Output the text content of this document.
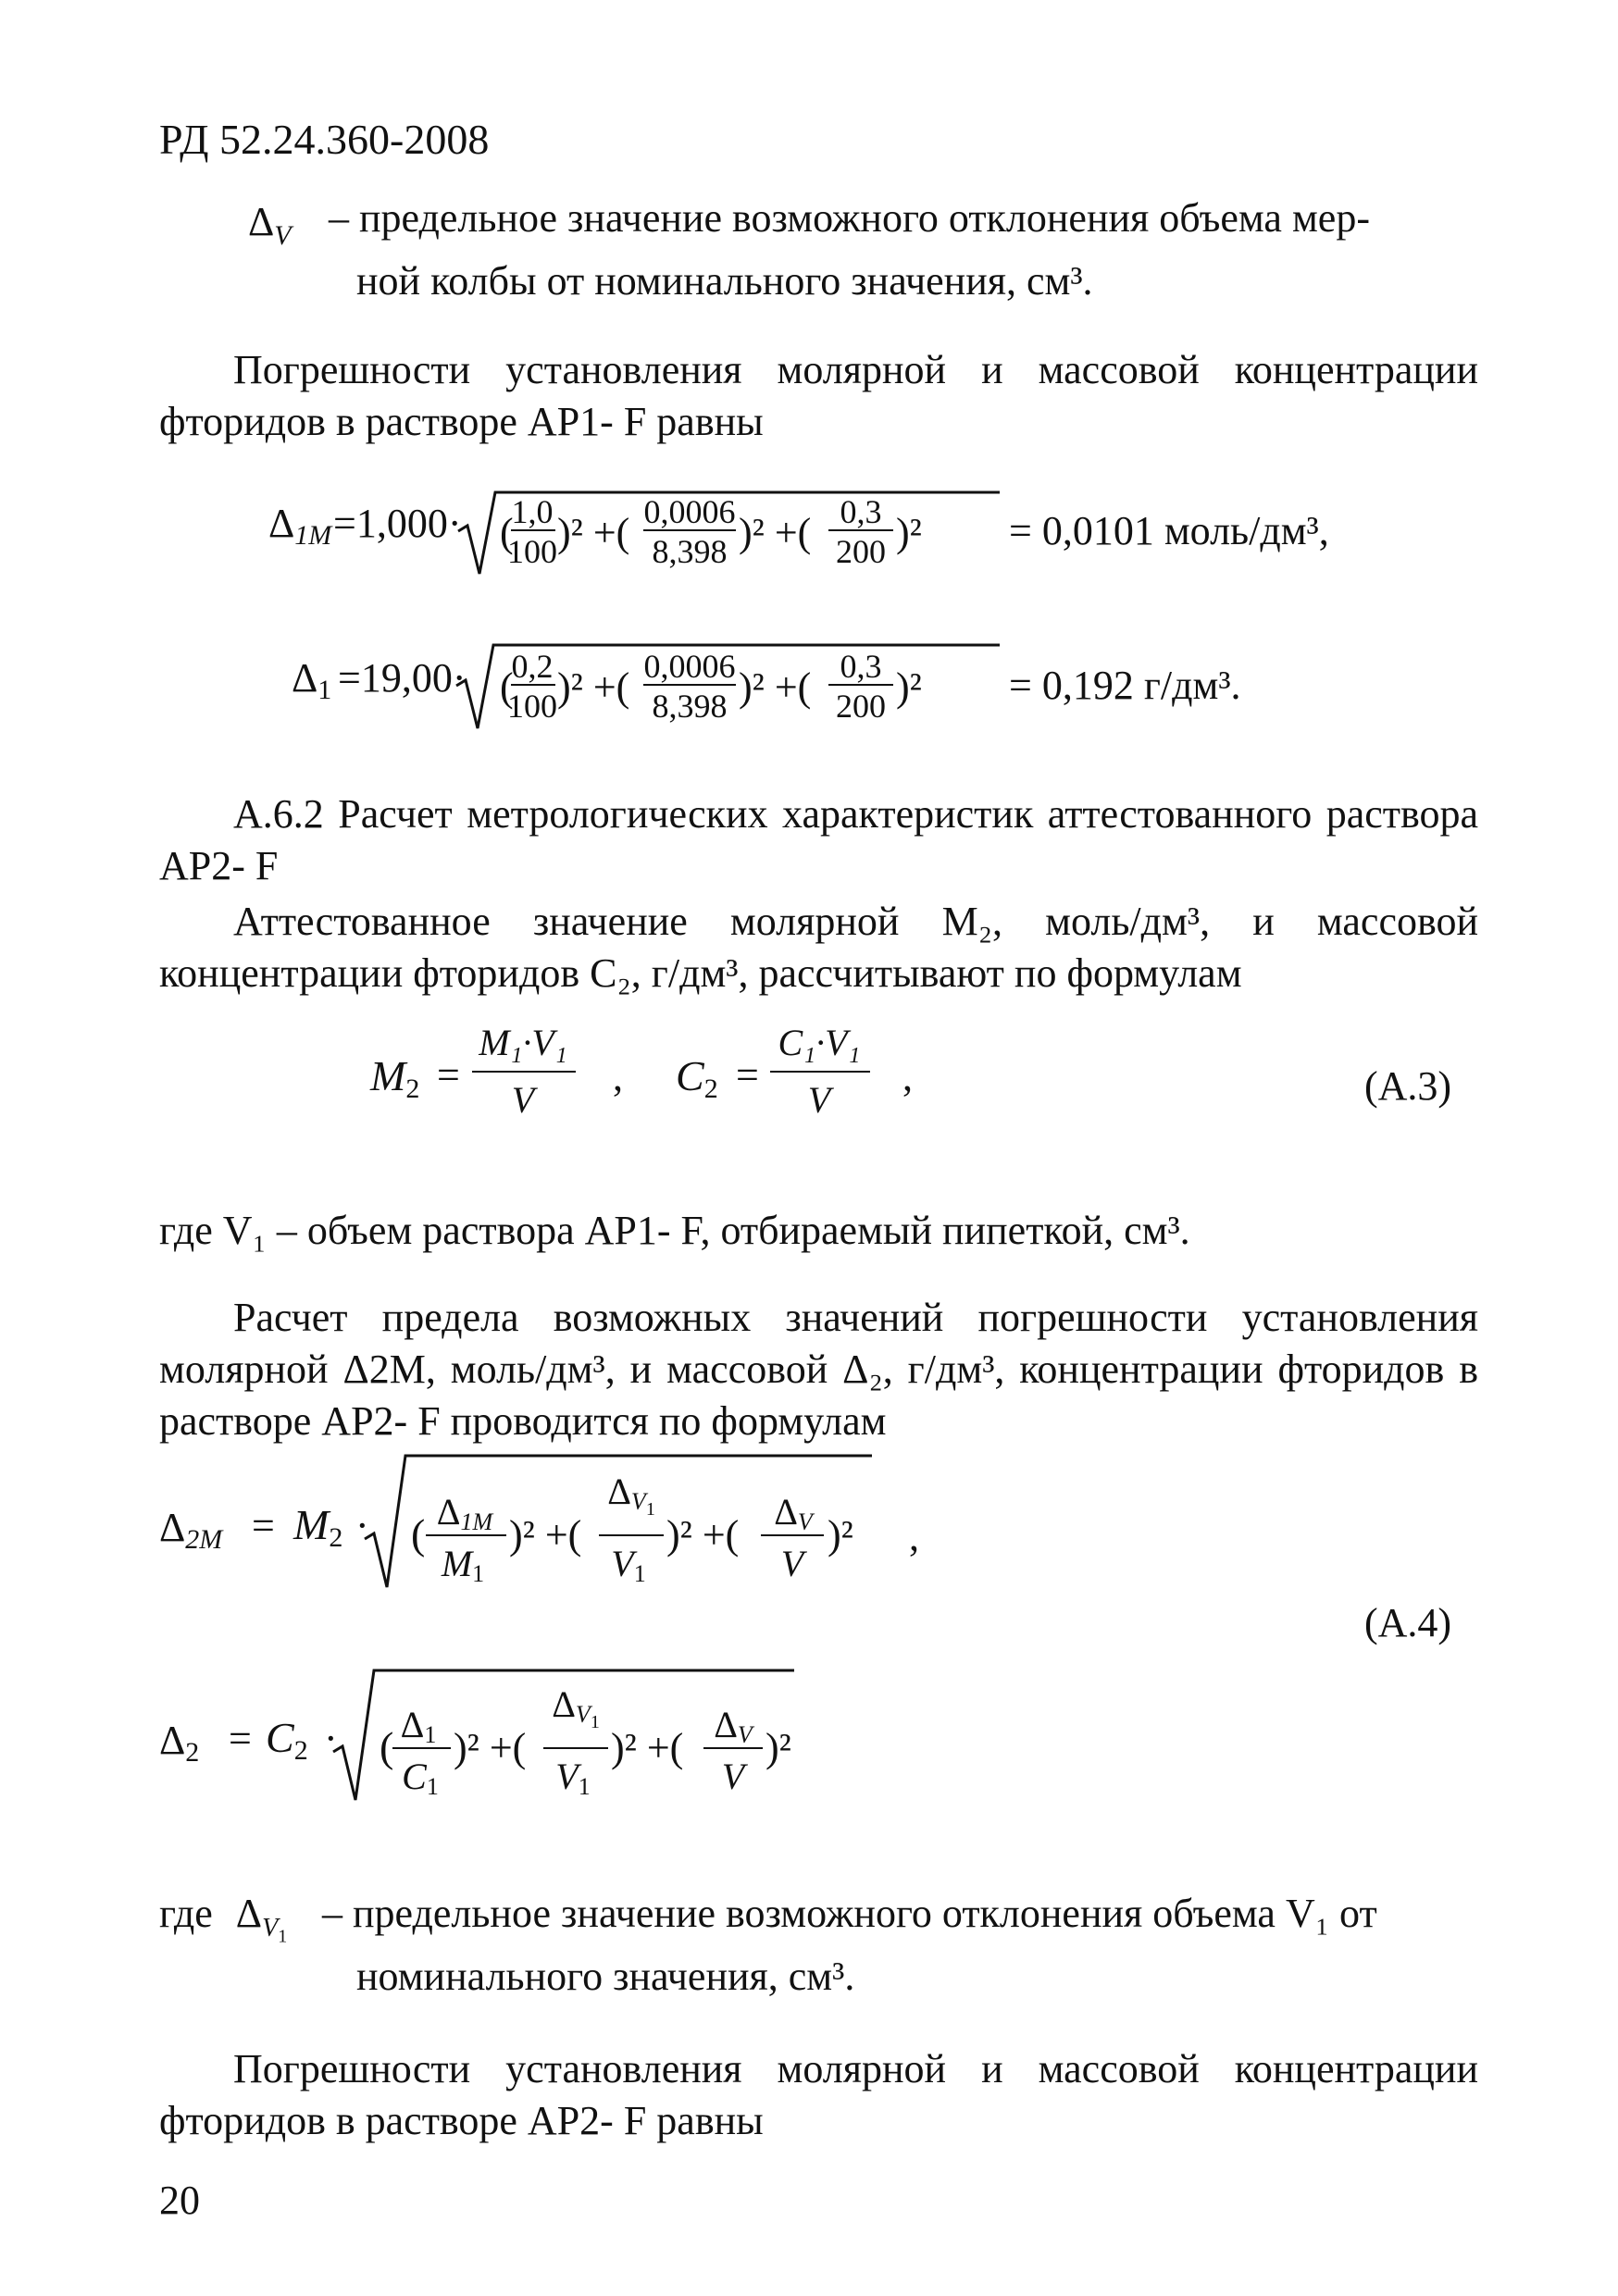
РД 52.24.360-2008
$\Delta_V$ – предельное значение возможного отклонения объема мер-
ной колбы от номинального значения, см³.
Погрешности установления молярной и массовой концентрации фторидов в растворе АР1- F равны
Δ1M =1,000· (
1,0
100 )² +( 0,0006
8,398 )² +( 0,3
200 )² = 0,0101 моль/дм³,
Δ1 =19,00· (
0,2
100 )² +( 0,0006
8,398 )² +( 0,3
200 )² = 0,192 г/дм³.
А.6.2 Расчет метрологических характеристик аттестованного раствора АР2- F
Аттестованное значение молярной M₂, моль/дм³, и массовой концентрации фторидов С₂, г/дм³, рассчитывают по формулам
M2 =
M₁·V₁
V
, C2 =
C₁·V₁
V
,	(А.3)
где V₁ – объем раствора АР1- F, отбираемый пипеткой, см³.
Расчет предела возможных значений погрешности установления молярной Δ2M, моль/дм³, и массовой Δ₂, г/дм³, концентрации фторидов в растворе АР2- F проводится по формулам
Δ2M = M2 · ( Δ1M
M1
)² +(
ΔV1
V1
)² +(
ΔV
V
)² ,
Δ2 = C2 · ( Δ1
C1
)² +(
ΔV1
V1
)² +(
ΔV
V
)²
(А.4)
где $\Delta_{V_1}$
– предельное значение возможного отклонения объема V₁ от
номинального значения, см³.
Погрешности установления молярной и массовой концентрации фторидов в растворе АР2- F равны
20
